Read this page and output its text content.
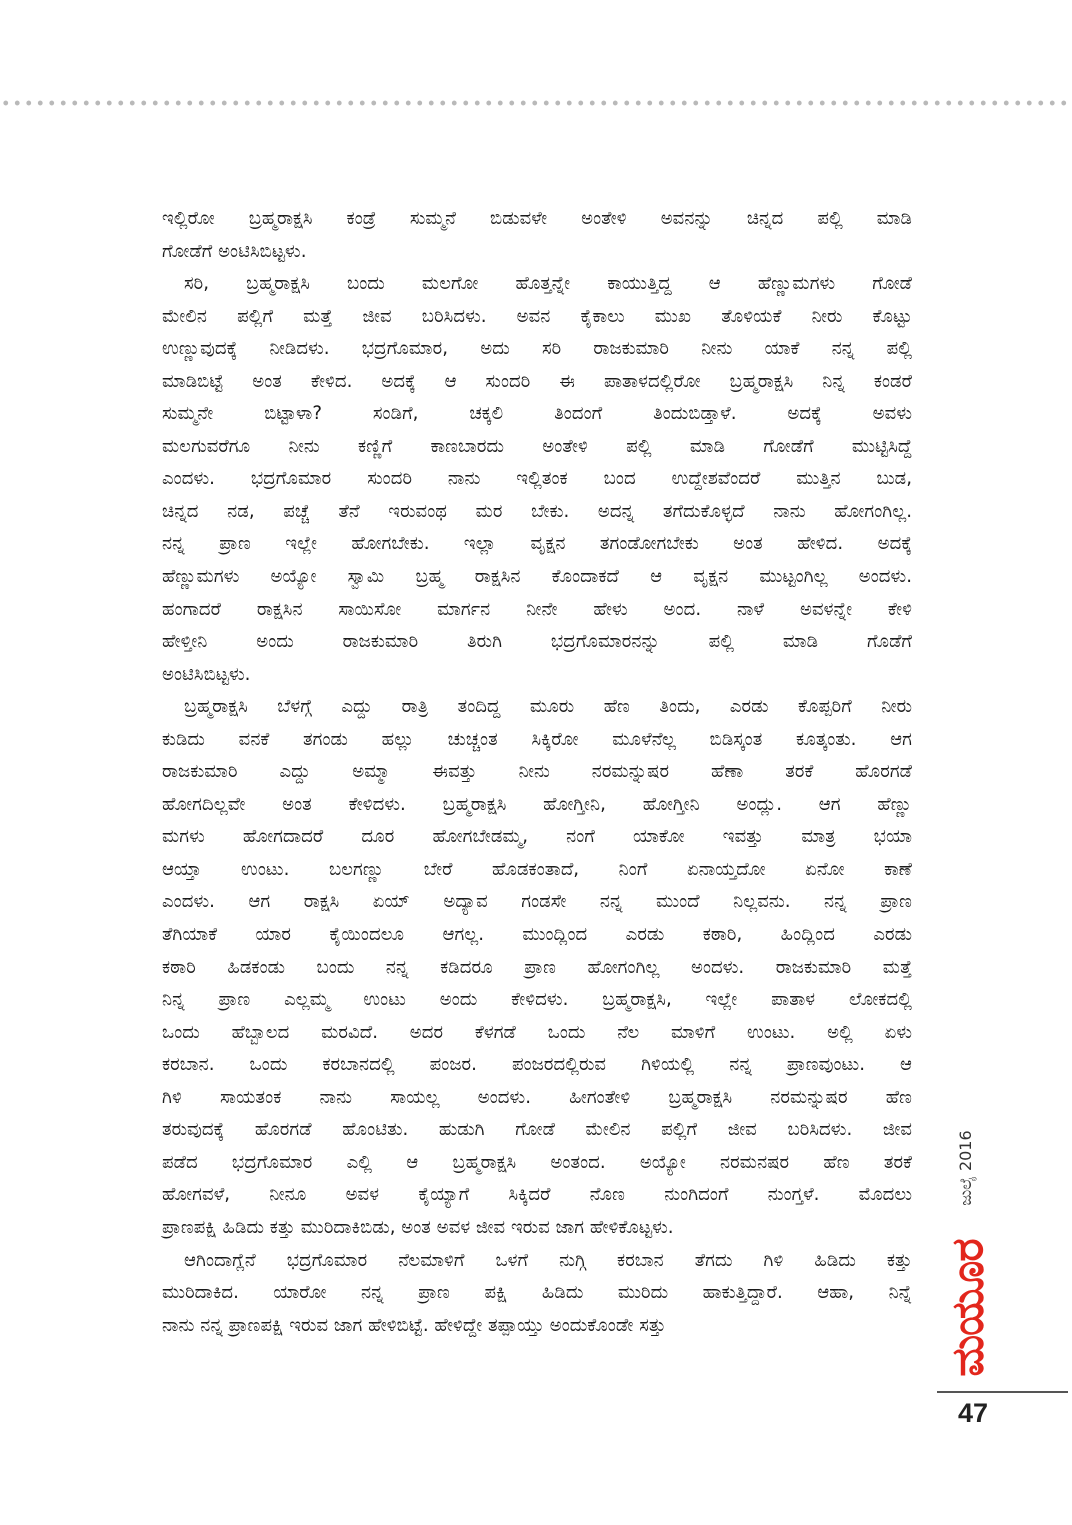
ಇಲ್ಲಿರೋ ಬ್ರಹ್ಮರಾಕ್ಷಸಿ ಕಂಡ್ರೆ ಸುಮ್ಮನೆ ಬಿಡುವಳೇ ಅಂತೇಳಿ ಅವನನ್ನು ಚಿನ್ನದ ಪಲ್ಲಿ ಮಾಡಿ
ಗೋಡೆಗೆ ಅಂಟಿಸಿಬಿಟ್ಟಳು.
ಸರಿ, ಬ್ರಹ್ಮರಾಕ್ಷಸಿ ಬಂದು ಮಲಗೋ ಹೊತ್ತನ್ನೇ ಕಾಯುತ್ತಿದ್ದ ಆ ಹೆಣ್ಣುಮಗಳು ಗೋಡೆ
ಮೇಲಿನ ಪಲ್ಲಿಗೆ ಮತ್ತೆ ಜೀವ ಬರಿಸಿದಳು. ಅವನ ಕೈಕಾಲು ಮುಖ ತೊಳಿಯಕೆ ನೀರು ಕೊಟ್ಟು
ಉಣ್ಣುವುದಕ್ಕೆ ನೀಡಿದಳು. ಭದ್ರಗೊಮಾರ, ಅದು ಸರಿ ರಾಜಕುಮಾರಿ ನೀನು ಯಾಕೆ ನನ್ನ ಪಲ್ಲಿ
ಮಾಡಿಬಿಟ್ಟೆ ಅಂತ ಕೇಳಿದ. ಅದಕ್ಕೆ ಆ ಸುಂದರಿ ಈ ಪಾತಾಳದಲ್ಲಿರೋ ಬ್ರಹ್ಮರಾಕ್ಷಸಿ ನಿನ್ನ ಕಂಡರೆ
ಸುಮ್ಮನೇ ಬಿಟ್ಟಾಳಾ? ಸಂಡಿಗೆ, ಚಕ್ಕಲಿ ತಿಂದಂಗೆ ತಿಂದುಬಿಡ್ತಾಳೆ. ಅದಕ್ಕೆ ಅವಳು
ಮಲಗುವರೆಗೂ ನೀನು ಕಣ್ಣಿಗೆ ಕಾಣಬಾರದು ಅಂತೇಳಿ ಪಲ್ಲಿ ಮಾಡಿ ಗೋಡೆಗೆ ಮುಟ್ಟಿಸಿದ್ದೆ
ಎಂದಳು. ಭದ್ರಗೊಮಾರ ಸುಂದರಿ ನಾನು ಇಲ್ಲಿತಂಕ ಬಂದ ಉದ್ದೇಶವೆಂದರೆ ಮುತ್ತಿನ ಬುಡ,
ಚಿನ್ನದ ನಡ, ಪಚ್ಚೆ ತೆನೆ ಇರುವಂಥ ಮರ ಬೇಕು. ಅದನ್ನ ತಗೆದುಕೊಳ್ಳದೆ ನಾನು ಹೋಗಂಗಿಲ್ಲ.
ನನ್ನ ಪ್ರಾಣ ಇಲ್ಲೇ ಹೋಗಬೇಕು. ಇಲ್ಲಾ ವೃಕ್ಷನ ತಗಂಡೋಗಬೇಕು ಅಂತ ಹೇಳಿದ. ಅದಕ್ಕೆ
ಹೆಣ್ಣುಮಗಳು ಅಯ್ಯೋ ಸ್ವಾಮಿ ಬ್ರಹ್ಮ ರಾಕ್ಷಸಿನ ಕೊಂದಾಕದೆ ಆ ವೃಕ್ಷನ ಮುಟ್ಟಂಗಿಲ್ಲ ಅಂದಳು.
ಹಂಗಾದರೆ ರಾಕ್ಷಸಿನ ಸಾಯಿಸೋ ಮಾರ್ಗನ ನೀನೇ ಹೇಳು ಅಂದ. ನಾಳೆ ಅವಳನ್ನೇ ಕೇಳಿ
ಹೇಳ್ತೀನಿ ಅಂದು ರಾಜಕುಮಾರಿ ತಿರುಗಿ ಭದ್ರಗೊಮಾರನನ್ನು ಪಲ್ಲಿ ಮಾಡಿ ಗೊಡೆಗೆ
ಅಂಟಿಸಿಬಿಟ್ಟಳು.
ಬ್ರಹ್ಮರಾಕ್ಷಸಿ ಬೆಳಗ್ಗೆ ಎದ್ದು ರಾತ್ರಿ ತಂದಿದ್ದ ಮೂರು ಹೆಣ ತಿಂದು, ಎರಡು ಕೊಪ್ಪರಿಗೆ ನೀರು
ಕುಡಿದು ವನಕೆ ತಗಂಡು ಹಲ್ಲು ಚುಚ್ಚಂತ ಸಿಕ್ಕಿರೋ ಮೂಳೆನೆಲ್ಲ ಬಿಡಿಸ್ಕಂತ ಕೂತ್ಕಂತು. ಆಗ
ರಾಜಕುಮಾರಿ ಎದ್ದು ಅಮ್ಮಾ ಈವತ್ತು ನೀನು ನರಮನ್ನುಷರ ಹೆಣಾ ತರಕೆ ಹೊರಗಡೆ
ಹೋಗದಿಲ್ಲವೇ ಅಂತ ಕೇಳಿದಳು. ಬ್ರಹ್ಮರಾಕ್ಷಸಿ ಹೋಗ್ತೀನಿ, ಹೋಗ್ತೀನಿ ಅಂದ್ಲು. ಆಗ ಹೆಣ್ಣು
ಮಗಳು ಹೋಗದಾದರೆ ದೂರ ಹೋಗಬೇಡಮ್ಮ, ನಂಗೆ ಯಾಕೋ ಇವತ್ತು ಮಾತ್ರ ಭಯಾ
ಆಯ್ತಾ ಉಂಟು. ಬಲಗಣ್ಣು ಬೇರೆ ಹೊಡಕಂತಾದೆ, ನಿಂಗೆ ಏನಾಯ್ತದೋ ಏನೋ ಕಾಣೆ
ಎಂದಳು. ಆಗ ರಾಕ್ಷಸಿ ಏಯ್ ಅದ್ಯಾವ ಗಂಡಸೇ ನನ್ನ ಮುಂದೆ ನಿಲ್ಲವನು. ನನ್ನ ಪ್ರಾಣ
ತೆಗಿಯಾಕೆ ಯಾರ ಕೈಯಿಂದಲೂ ಆಗಲ್ಲ. ಮುಂದ್ಲಿಂದ ಎರಡು ಕಠಾರಿ, ಹಿಂದ್ಲಿಂದ ಎರಡು
ಕಠಾರಿ ಹಿಡಕಂಡು ಬಂದು ನನ್ನ ಕಡಿದರೂ ಪ್ರಾಣ ಹೋಗಂಗಿಲ್ಲ ಅಂದಳು. ರಾಜಕುಮಾರಿ ಮತ್ತೆ
ನಿನ್ನ ಪ್ರಾಣ ಎಲ್ಲಮ್ಮ ಉಂಟು ಅಂದು ಕೇಳಿದಳು. ಬ್ರಹ್ಮರಾಕ್ಷಸಿ, ಇಲ್ಲೇ ಪಾತಾಳ ಲೋಕದಲ್ಲಿ
ಒಂದು ಹೆಬ್ಬಾಲದ ಮರವಿದೆ. ಅದರ ಕೆಳಗಡೆ ಒಂದು ನೆಲ ಮಾಳಿಗೆ ಉಂಟು. ಅಲ್ಲಿ ಏಳು
ಕರಬಾನ. ಒಂದು ಕರಬಾನದಲ್ಲಿ ಪಂಜರ. ಪಂಜರದಲ್ಲಿರುವ ಗಿಳಿಯಲ್ಲಿ ನನ್ನ ಪ್ರಾಣವುಂಟು. ಆ
ಗಿಳಿ ಸಾಯತಂಕ ನಾನು ಸಾಯಲ್ಲ ಅಂದಳು. ಹೀಗಂತೇಳಿ ಬ್ರಹ್ಮರಾಕ್ಷಸಿ ನರಮನ್ನುಷರ ಹೆಣ
ತರುವುದಕ್ಕೆ ಹೊರಗಡೆ ಹೊಂಟಿತು. ಹುಡುಗಿ ಗೋಡೆ ಮೇಲಿನ ಪಲ್ಲಿಗೆ ಜೀವ ಬರಿಸಿದಳು. ಜೀವ
ಪಡೆದ ಭದ್ರಗೊಮಾರ ಎಲ್ಲಿ ಆ ಬ್ರಹ್ಮರಾಕ್ಷಸಿ ಅಂತಂದ. ಅಯ್ಯೋ ನರಮನಷರ ಹೆಣ ತರಕೆ
ಹೋಗವಳೆ, ನೀನೂ ಅವಳ ಕೈಯ್ಯಾಗೆ ಸಿಕ್ಕಿದರೆ ನೊಣ ನುಂಗಿದಂಗೆ ನುಂಗ್ತಳೆ. ಮೊದಲು
ಪ್ರಾಣಪಕ್ಷಿ ಹಿಡಿದು ಕತ್ತು ಮುರಿದಾಕಿಬಿಡು, ಅಂತ ಅವಳ ಜೀವ ಇರುವ ಜಾಗ ಹೇಳಿಕೊಟ್ಟಳು.
ಆಗಿಂದಾಗ್ಲೆನೆ ಭದ್ರಗೊಮಾರ ನೆಲಮಾಳಿಗೆ ಒಳಗೆ ನುಗ್ಗಿ ಕರಬಾನ ತೆಗದು ಗಿಳಿ ಹಿಡಿದು ಕತ್ತು
ಮುರಿದಾಕಿದ. ಯಾರೋ ನನ್ನ ಪ್ರಾಣ ಪಕ್ಷಿ ಹಿಡಿದು ಮುರಿದು ಹಾಕುತ್ತಿದ್ದಾರೆ. ಆಹಾ, ನಿನ್ನೆ
ನಾನು ನನ್ನ ಪ್ರಾಣಪಕ್ಷಿ ಇರುವ ಜಾಗ ಹೇಳಿಬಿಟ್ಟೆ. ಹೇಳಿದ್ದೇ ತಪ್ಪಾಯ್ತು ಅಂದುಕೊಂಡೇ ಸತ್ತು
ಜುಲೈ 2016
ಮಯೂರ
47
